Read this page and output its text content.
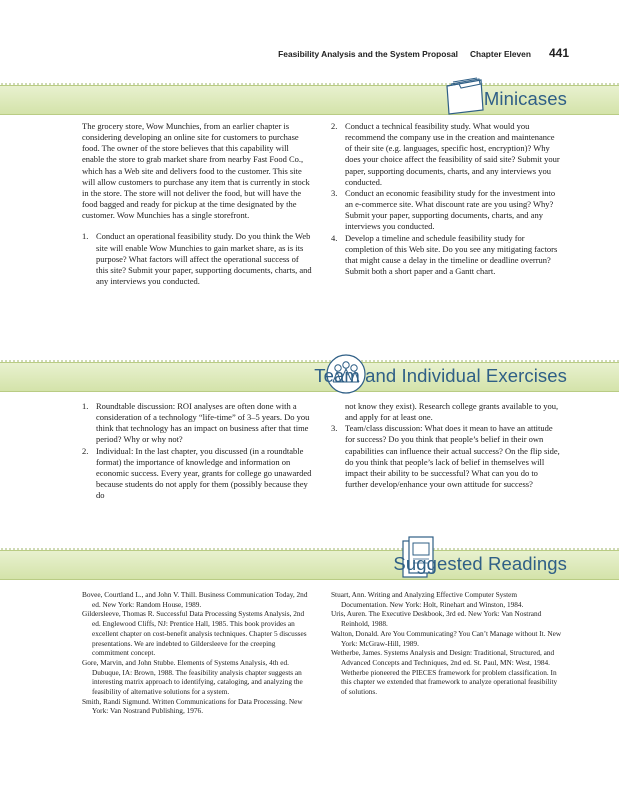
Feasibility Analysis and the System Proposal Chapter Eleven 441
Minicases

The grocery store, Wow Munchies, from an earlier chapter is considering developing an online site for customers to purchase food. The owner of the store believes that this capability will enable the store to grab market share from nearby Fast Food Co., which has a Web site and delivers food to the customer. This site will allow customers to purchase any item that is currently in stock in the store. The store will not deliver the food, but will have the food bagged and ready for pickup at the time designated by the customer. Wow Munchies has a single storefront.

1. Conduct an operational feasibility study. Do you think the Web site will enable Wow Munchies to gain market share, as is its purpose? What factors will affect the operational success of this site? Submit your paper, supporting documents, charts, and any interviews you conducted.
2. Conduct a technical feasibility study. What would you recommend the company use in the creation and maintenance of their site (e.g. languages, specific host, encryption)? Why does your choice affect the feasibility of said site? Submit your paper, supporting documents, charts, and any interviews you conducted.
3. Conduct an economic feasibility study for the investment into an e-commerce site. What discount rate are you using? Why? Submit your paper, supporting documents, charts, and any interviews you conducted.
4. Develop a timeline and schedule feasibility study for completion of this Web site. Do you see any mitigating factors that might cause a delay in the timeline or deadline overrun? Submit both a short paper and a Gantt chart.
Team and Individual Exercises
1. Roundtable discussion: ROI analyses are often done with a consideration of a technology “life-time” of 3–5 years. Do you think that technology has an impact on business after that time period? Why or why not?
2. Individual: In the last chapter, you discussed (in a roundtable format) the importance of knowledge and information on economic success. Every year, grants for college go unawarded because students do not apply for them (possibly because they do
not know they exist). Research college grants available to you, and apply for at least one.
3. Team/class discussion: What does it mean to have an attitude for success? Do you think that people’s belief in their own capabilities can influence their actual success? On the flip side, do you think that people’s lack of belief in themselves will impact their ability to be successful? What can you do to further develop/enhance your own attitude for success?
Suggested Readings

Bovee, Courtland L., and John V. Thill. Business Communication Today, 2nd ed. New York: Random House, 1989.

Gildersleeve, Thomas R. Successful Data Processing Systems Analysis, 2nd ed. Englewood Cliffs, NJ: Prentice Hall, 1985. This book provides an excellent chapter on cost-benefit analysis techniques. Chapter 5 discusses presentations. We are indebted to Gildersleeve for the creeping commitment concept.

Gore, Marvin, and John Stubbe. Elements of Systems Analysis, 4th ed. Dubuque, IA: Brown, 1988. The feasibility analysis chapter suggests an interesting matrix approach to identifying, cataloging, and analyzing the feasibility of alternative solutions for a system.

Smith, Randi Sigmund. Written Communications for Data Processing. New York: Van Nostrand Publishing, 1976.

Stuart, Ann. Writing and Analyzing Effective Computer System Documentation. New York: Holt, Rinehart and Winston, 1984.

Uris, Auren. The Executive Deskbook, 3rd ed. New York: Van Nostrand Reinhold, 1988.

Walton, Donald. Are You Communicating? You Can’t Manage without It. New York: McGraw-Hill, 1989.

Wetherbe, James. Systems Analysis and Design: Traditional, Structured, and Advanced Concepts and Techniques, 2nd ed. St. Paul, MN: West, 1984. Wetherbe pioneered the PIECES framework for problem classification. In this chapter we extended that framework to analyze operational feasibility of solutions.
